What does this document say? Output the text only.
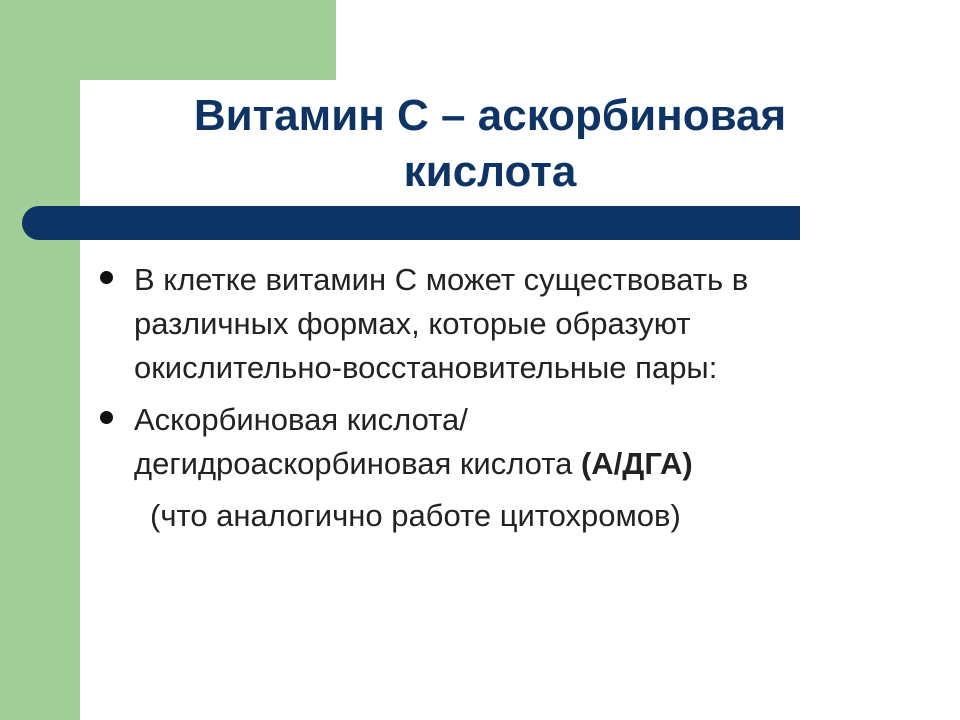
Витамин С – аскорбиновая
кислота
В клетке витамин С может существовать в
различных формах, которые образуют
окислительно-восстановительные пары:
Аскорбиновая кислота/
дегидроаскорбиновая кислота (А/ДГА)
(что аналогично работе цитохромов)
